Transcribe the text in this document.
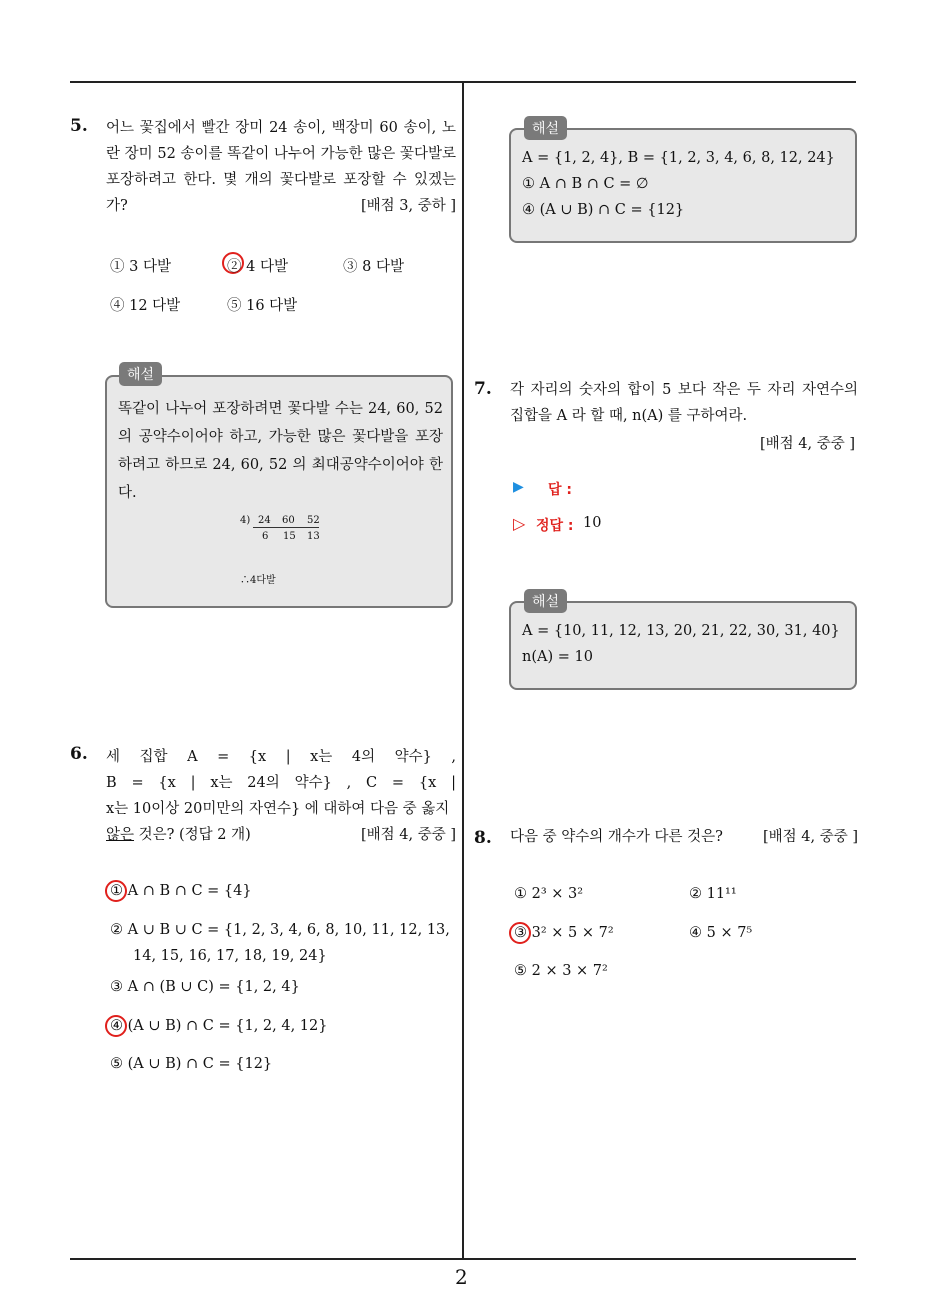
2
5. 어느 꽃집에서 빨간 장미 24 송이, 백장미 60 송이, 노란 장미 52 송이를 똑같이 나누어 가능한 많은 꽃다발로 포장하려고 한다. 몇 개의 꽃다발로 포장할 수 있겠는가?	[배점 3, 중하 ]
① 3 다발	② 4 다발	③ 8 다발
④ 12 다발	⑤ 16 다발
해설
똑같이 나누어 포장하려면 꽃다발 수는 24, 60, 52 의 공약수이어야 하고, 가능한 많은 꽃다발을 포장하려고 하므로 24, 60, 52 의 최대공약수이어야 한다.
4) 24 60 52
6 15 13
∴4다발
6. 세 집합 A = {x | x는 4의 약수} ,
B = {x | x는 24의 약수} , C = {x |
x는 10이상 20미만의 자연수} 에 대하여 다음 중 옳지
않은 것은? (정답 2 개)	[배점 4, 중중 ]
① A ∩ B ∩ C = {4}
② A ∪ B ∪ C = {1, 2, 3, 4, 6, 8, 10, 11, 12, 13,
14, 15, 16, 17, 18, 19, 24}
③ A ∩ (B ∪ C) = {1, 2, 4}
④ (A ∪ B) ∩ C = {1, 2, 4, 12}
⑤ (A ∪ B) ∩ C = {12}
해설
A = {1, 2, 4}, B = {1, 2, 3, 4, 6, 8, 12, 24}
① A ∩ B ∩ C = ∅
④ (A ∪ B) ∩ C = {12}
7. 각 자리의 숫자의 합이 5 보다 작은 두 자리 자연수의 집합을 A 라 할 때, n(A) 를 구하여라.
[배점 4, 중중 ]
▶ 답 :
▷ 정답 : 10
해설
A = {10, 11, 12, 13, 20, 21, 22, 30, 31, 40}
n(A) = 10
8. 다음 중 약수의 개수가 다른 것은?	[배점 4, 중중 ]
① 2³ × 3²	② 11¹¹
③ 3² × 5 × 7²	④ 5 × 7⁵
⑤ 2 × 3 × 7²
